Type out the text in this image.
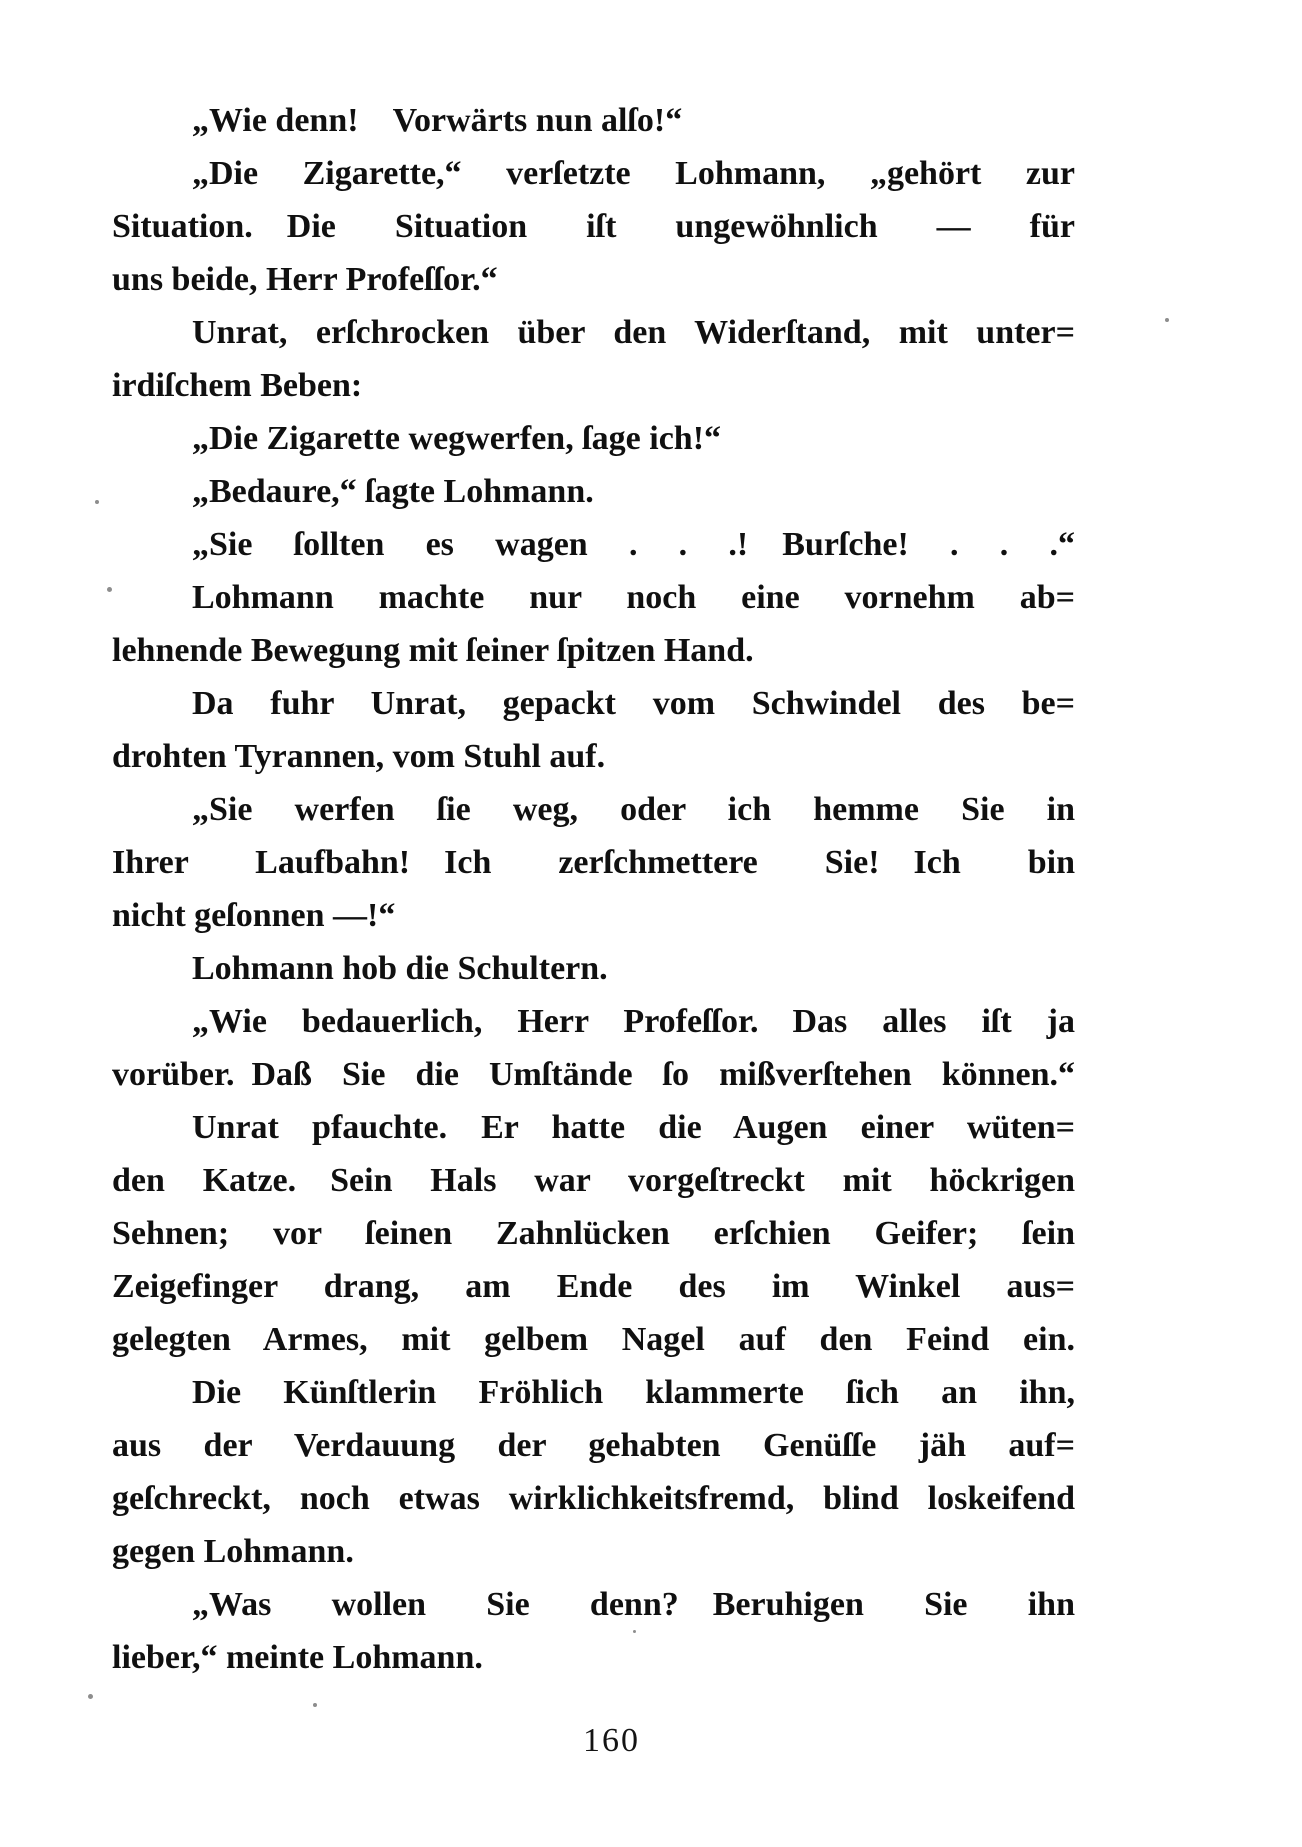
„Wie denn! Vorwärts nun alſo!“
„Die Zigarette,“ verſetzte Lohmann, „gehört zur
Situation. Die Situation iſt ungewöhnlich — für
uns beide, Herr Profeſſor.“
Unrat, erſchrocken über den Widerſtand, mit unter=
irdiſchem Beben:
„Die Zigarette wegwerfen, ſage ich!“
„Bedaure,“ ſagte Lohmann.
„Sie ſollten es wagen . . .! Burſche! . . .“
Lohmann machte nur noch eine vornehm ab=
lehnende Bewegung mit ſeiner ſpitzen Hand.
Da fuhr Unrat, gepackt vom Schwindel des be=
drohten Tyrannen, vom Stuhl auf.
„Sie werfen ſie weg, oder ich hemme Sie in
Ihrer Laufbahn! Ich zerſchmettere Sie! Ich bin
nicht geſonnen —!“
Lohmann hob die Schultern.
„Wie bedauerlich, Herr Profeſſor. Das alles iſt ja
vorüber. Daß Sie die Umſtände ſo mißverſtehen können.“
Unrat pfauchte. Er hatte die Augen einer wüten=
den Katze. Sein Hals war vorgeſtreckt mit höckrigen
Sehnen; vor ſeinen Zahnlücken erſchien Geifer; ſein
Zeigefinger drang, am Ende des im Winkel aus=
gelegten Armes, mit gelbem Nagel auf den Feind ein.
Die Künſtlerin Fröhlich klammerte ſich an ihn,
aus der Verdauung der gehabten Genüſſe jäh auf=
geſchreckt, noch etwas wirklichkeitsfremd, blind loskeifend
gegen Lohmann.
„Was wollen Sie denn? Beruhigen Sie ihn
lieber,“ meinte Lohmann.
160
